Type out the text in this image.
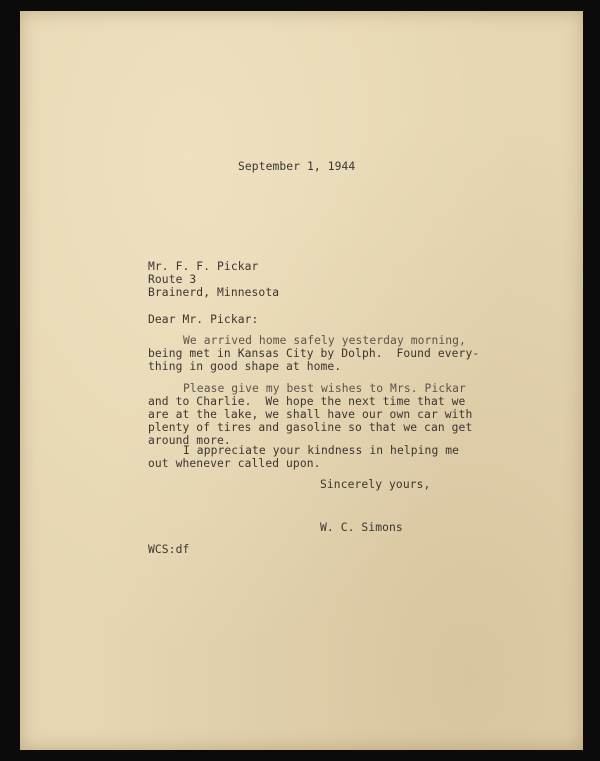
September 1, 1944
Mr. F. F. Pickar
Route 3
Brainerd, Minnesota
Dear Mr. Pickar:
We arrived home safely yesterday morning,
being met in Kansas City by Dolph.  Found every-
thing in good shape at home.
Please give my best wishes to Mrs. Pickar
and to Charlie.  We hope the next time that we
are at the lake, we shall have our own car with
plenty of tires and gasoline so that we can get
around more.
I appreciate your kindness in helping me
out whenever called upon.
Sincerely yours,
W. C. Simons
WCS:df
